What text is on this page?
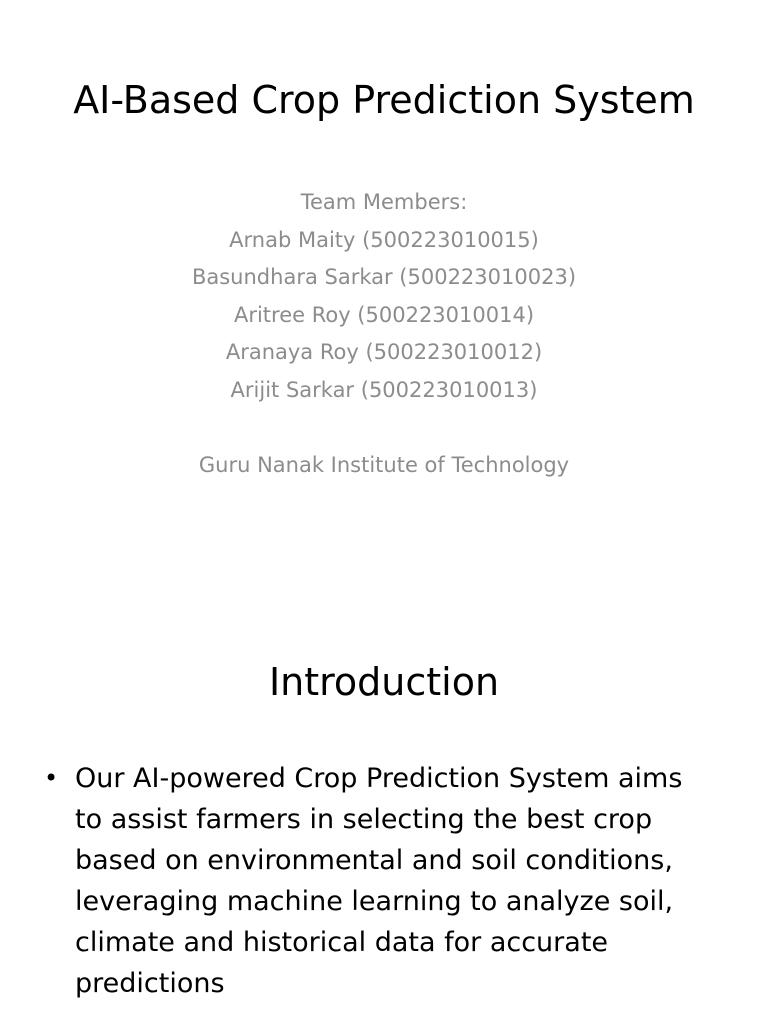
AI-Based Crop Prediction System
Team Members:
Arnab Maity (500223010015)
Basundhara Sarkar (500223010023)
Aritree Roy (500223010014)
Aranaya Roy (500223010012)
Arijit Sarkar (500223010013)
Guru Nanak Institute of Technology
Introduction
• Our AI-powered Crop Prediction System aims to assist farmers in selecting the best crop based on environmental and soil conditions, leveraging machine learning to analyze soil, climate and historical data for accurate predictions
